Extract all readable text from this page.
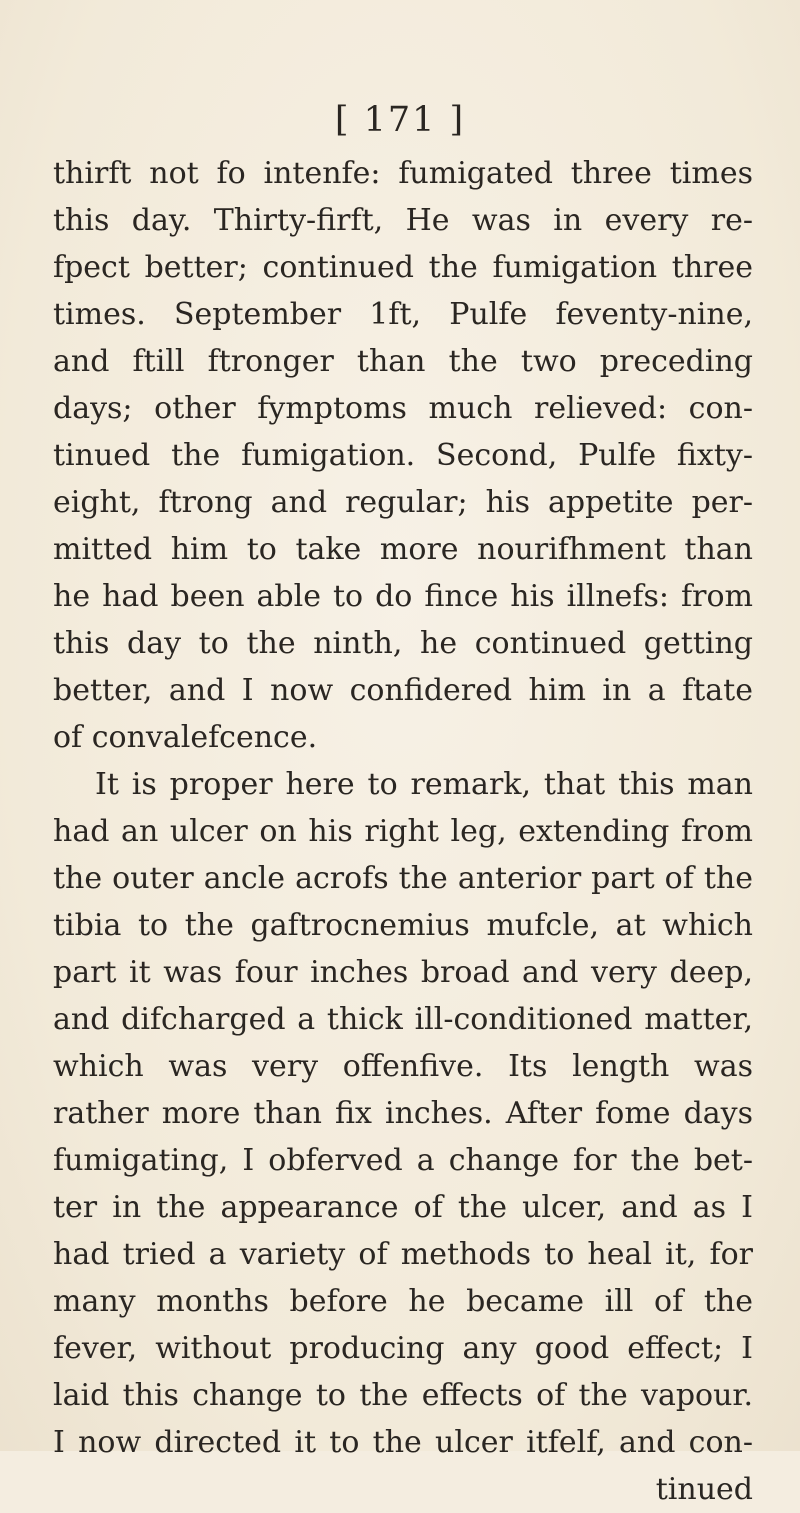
[ 171 ]
thirft not fo intenfe: fumigated three times
this day. Thirty-firft, He was in every re-
fpect better; continued the fumigation three
times. September 1ft, Pulfe feventy-nine,
and ftill ftronger than the two preceding
days; other fymptoms much relieved: con-
tinued the fumigation. Second, Pulfe fixty-
eight, ftrong and regular; his appetite per-
mitted him to take more nourifhment than
he had been able to do fince his illnefs: from
this day to the ninth, he continued getting
better, and I now confidered him in a ftate
of convalefcence.
It is proper here to remark, that this man
had an ulcer on his right leg, extending from
the outer ancle acrofs the anterior part of the
tibia to the gaftrocnemius mufcle, at which
part it was four inches broad and very deep,
and difcharged a thick ill-conditioned matter,
which was very offenfive. Its length was
rather more than fix inches. After fome days
fumigating, I obferved a change for the bet-
ter in the appearance of the ulcer, and as I
had tried a variety of methods to heal it, for
many months before he became ill of the
fever, without producing any good effect; I
laid this change to the effects of the vapour.
I now directed it to the ulcer itfelf, and con-
tinued
